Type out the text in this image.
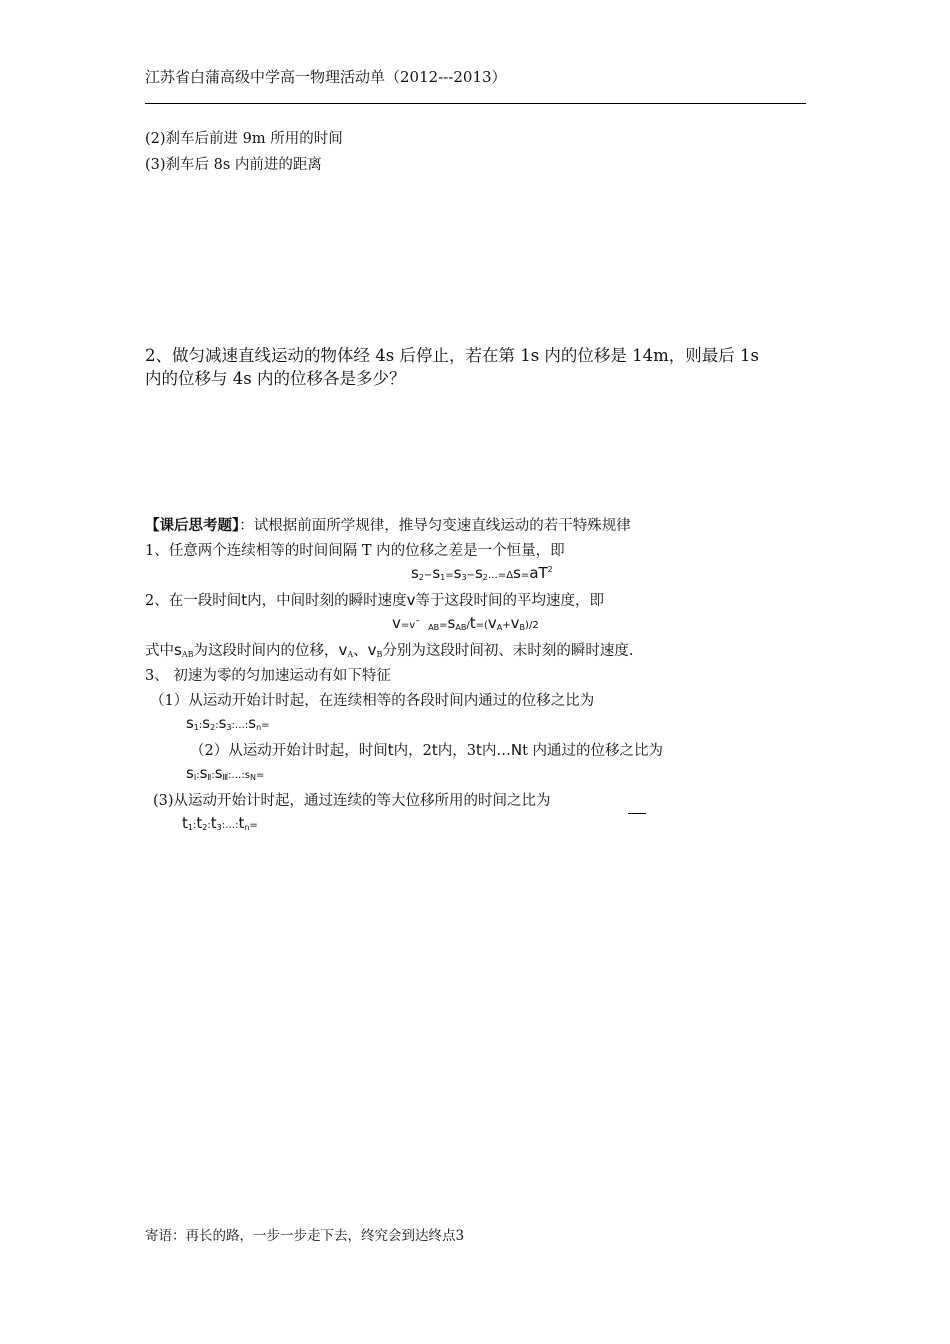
江苏省白蒲高级中学高一物理活动单（2012---2013）
(2)刹车后前进 9m 所用的时间
(3)刹车后 8s 内前进的距离
2、做匀减速直线运动的物体经 4s 后停止，若在第 1s 内的位移是 14m，则最后 1s
内的位移与 4s 内的位移各是多少？
【课后思考题】：试根据前面所学规律，推导匀变速直线运动的若干特殊规律
1、任意两个连续相等的时间间隔 T 内的位移之差是一个恒量，即
$s_2-s_1=s_3-s_2\dots=\Delta s=aT^2$
2、在一段时间t内，中间时刻的瞬时速度v等于这段时间的平均速度，即
v=v¯ $_{AB}=s_{AB}/t=(v_A+v_B)/2$
式中$s_{AB}$为这段时间内的位移，$v_A$、$v_B$分别为这段时间初、末时刻的瞬时速度.
3、 初速为零的匀加速运动有如下特征
（1）从运动开始计时起，在连续相等的各段时间内通过的位移之比为
$s_1:s_2:s_3:\dots:s_n=$
（2）从运动开始计时起，时间t内，2t内，3t内…Nt 内通过的位移之比为
$s_Ⅰ:s_Ⅱ:s_Ⅲ:\dots:s_N=$
(3)从运动开始计时起，通过连续的等大位移所用的时间之比为
$t_1:t_2:t_3:\dots:t_n=$
寄语：再长的路，一步一步走下去，终究会到达终点3
